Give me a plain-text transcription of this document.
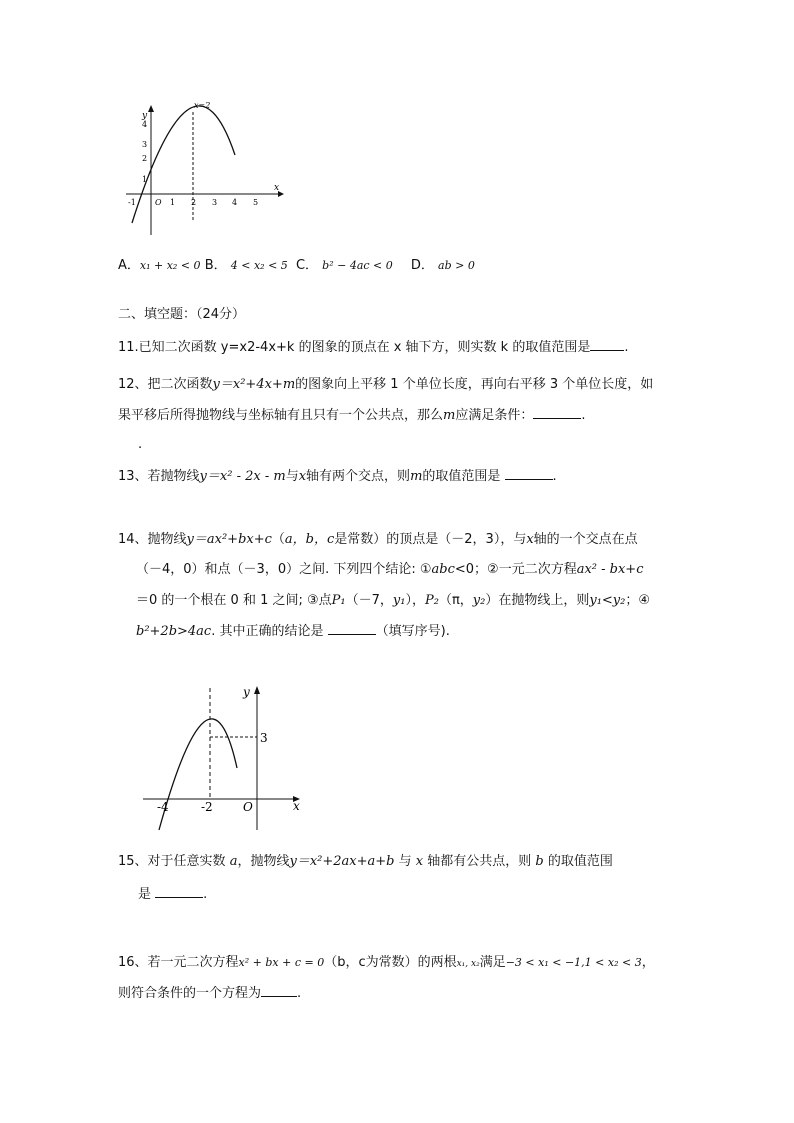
x=2
y
x
4
3
2
1
-1 O 1 2 3 4 5
A．x₁ + x₂ < 0 B． 4 < x₂ < 5 C． b² − 4ac < 0 D． ab > 0
二、填空题：（24分）
11.已知二次函数 y=x2-4x+k 的图象的顶点在 x 轴下方，则实数 k 的取值范围是	.
12、把二次函数y＝x²+4x+m的图象向上平移 1 个单位长度，再向右平移 3 个单位长度，如
果平移后所得抛物线与坐标轴有且只有一个公共点，那么m应满足条件：	.
.
13、若抛物线y＝x² - 2x - m与x轴有两个交点，则m的取值范围是	.
14、抛物线y＝ax²+bx+c（a，b，c是常数）的顶点是（－2，3），与x轴的一个交点在点
（－4，0）和点（－3，0）之间. 下列四个结论: ①abc<0；②一元二次方程ax² - bx+c
＝0 的一个根在 0 和 1 之间; ③点P₁（－7，y₁），P₂（π，y₂）在抛物线上，则y₁<y₂；④
b²+2b>4ac. 其中正确的结论是	（填写序号).
y
x
3
-4	-2	O
15、对于任意实数 a，抛物线y＝x²+2ax+a+b 与 x 轴都有公共点，则 b 的取值范围
是	.
16、若一元二次方程x² + bx + c = 0（b，c为常数）的两根x₁, x₂满足−3 < x₁ < −1,1 < x₂ < 3，
则符合条件的一个方程为	.
